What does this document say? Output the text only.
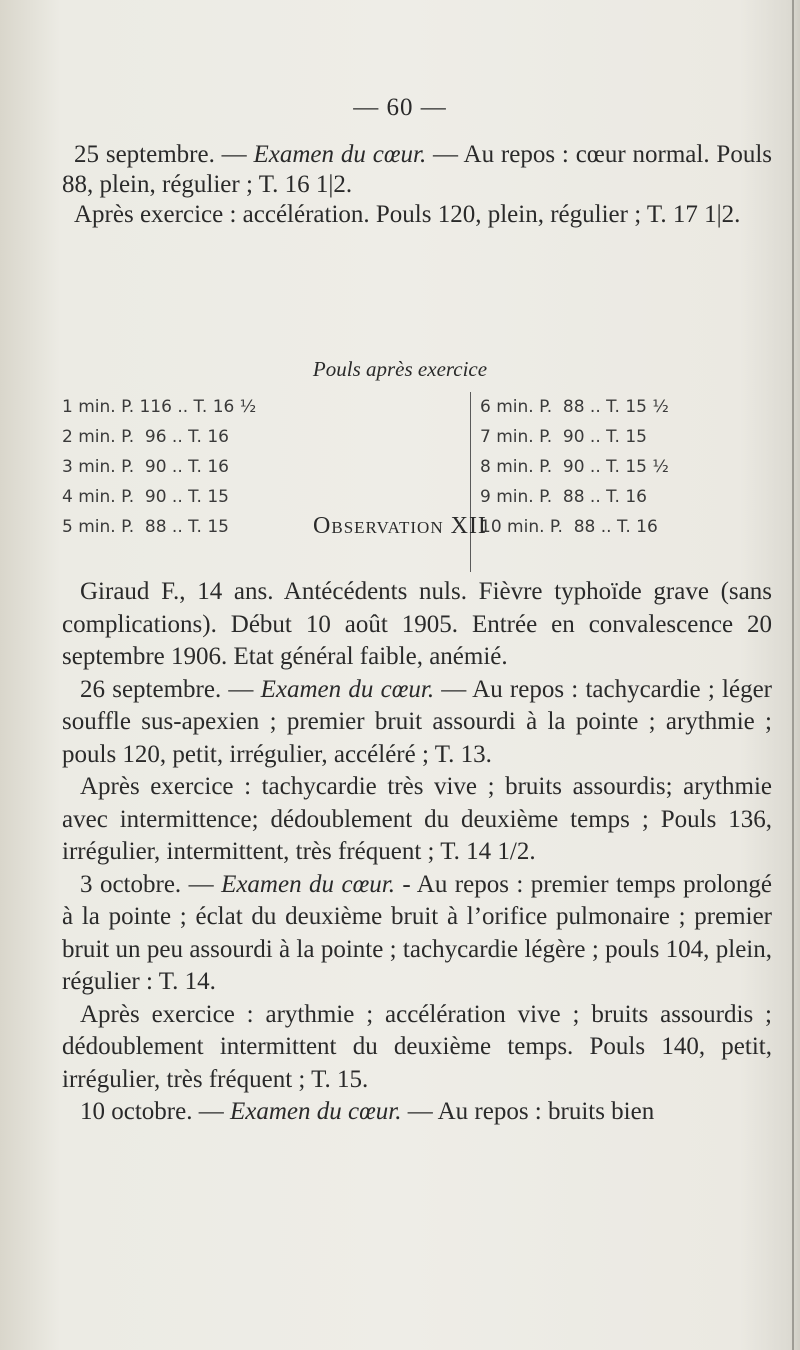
— 60 —

25 septembre. — Examen du cœur. — Au repos : cœur normal. Pouls 88, plein, régulier ; T. 16 1|2.

Après exercice : accélération. Pouls 120, plein, régulier ; T. 17 1|2.

Pouls après exercice
1 min. P. 116 .. T. 16 ½
2 min. P.  96 .. T. 16
3 min. P.  90 .. T. 16
4 min. P.  90 .. T. 15
5 min. P.  88 .. T. 15
6 min. P.  88 .. T. 15 ½
7 min. P.  90 .. T. 15
8 min. P.  90 .. T. 15 ½
9 min. P.  88 .. T. 16
10 min. P.  88 .. T. 16
Observation XII

Giraud F., 14 ans. Antécédents nuls. Fièvre typhoïde grave (sans complications). Début 10 août 1905. Entrée en convalescence 20 septembre 1906. Etat général faible, anémié.

26 septembre. — Examen du cœur. — Au repos : tachycardie ; léger souffle sus-apexien ; premier bruit assourdi à la pointe ; arythmie ; pouls 120, petit, irrégulier, accéléré ; T. 13.

Après exercice : tachycardie très vive ; bruits assourdis; arythmie avec intermittence; dédoublement du deuxième temps ; Pouls 136, irrégulier, intermittent, très fréquent ; T. 14 1/2.

3 octobre. — Examen du cœur. - Au repos : premier temps prolongé à la pointe ; éclat du deuxième bruit à l’orifice pulmonaire ; premier bruit un peu assourdi à la pointe ; tachycardie légère ; pouls 104, plein, régulier : T. 14.

Après exercice : arythmie ; accélération vive ; bruits assourdis ; dédoublement intermittent du deuxième temps. Pouls 140, petit, irrégulier, très fréquent ; T. 15.

10 octobre. — Examen du cœur. — Au repos : bruits bien
